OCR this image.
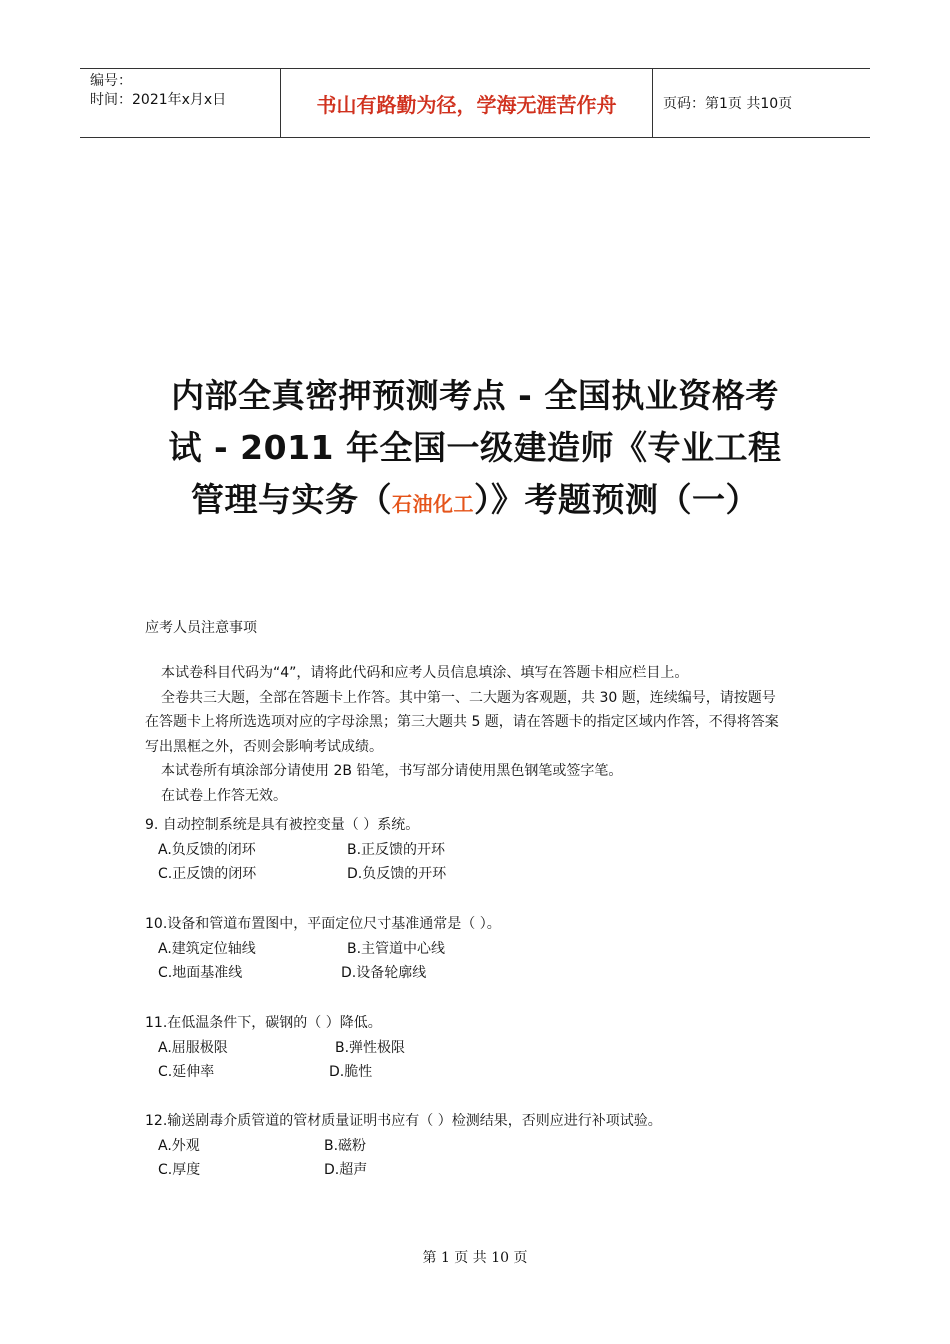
编号：
时间：2021年x月x日	书山有路勤为径，学海无涯苦作舟	页码：第1页 共10页
内部全真密押预测考点 - 全国执业资格考
试 - 2011 年全国一级建造师《专业工程
管理与实务（石油化工）》考题预测（一）
应考人员注意事项

本试卷科目代码为“4”，请将此代码和应考人员信息填涂、填写在答题卡相应栏目上。

全卷共三大题，全部在答题卡上作答。其中第一、二大题为客观题，共 30 题，连续编号，请按题号在答题卡上将所选选项对应的字母涂黑；第三大题共 5 题，请在答题卡的指定区域内作答，不得将答案写出黑框之外，否则会影响考试成绩。

本试卷所有填涂部分请使用 2B 铅笔，书写部分请使用黑色钢笔或签字笔。

在试卷上作答无效。

9. 自动控制系统是具有被控变量（ ）系统。
A.负反馈的闭环	B.正反馈的开环
C.正反馈的闭环	D.负反馈的开环
10.设备和管道布置图中，平面定位尺寸基准通常是（ ）。
A.建筑定位轴线	B.主管道中心线
C.地面基准线	D.设备轮廓线
11.在低温条件下，碳钢的（ ）降低。
A.屈服极限	B.弹性极限
C.延伸率	D.脆性
12.输送剧毒介质管道的管材质量证明书应有（ ）检测结果，否则应进行补项试验。
A.外观	B.磁粉
C.厚度	D.超声
第 1 页 共 10 页
